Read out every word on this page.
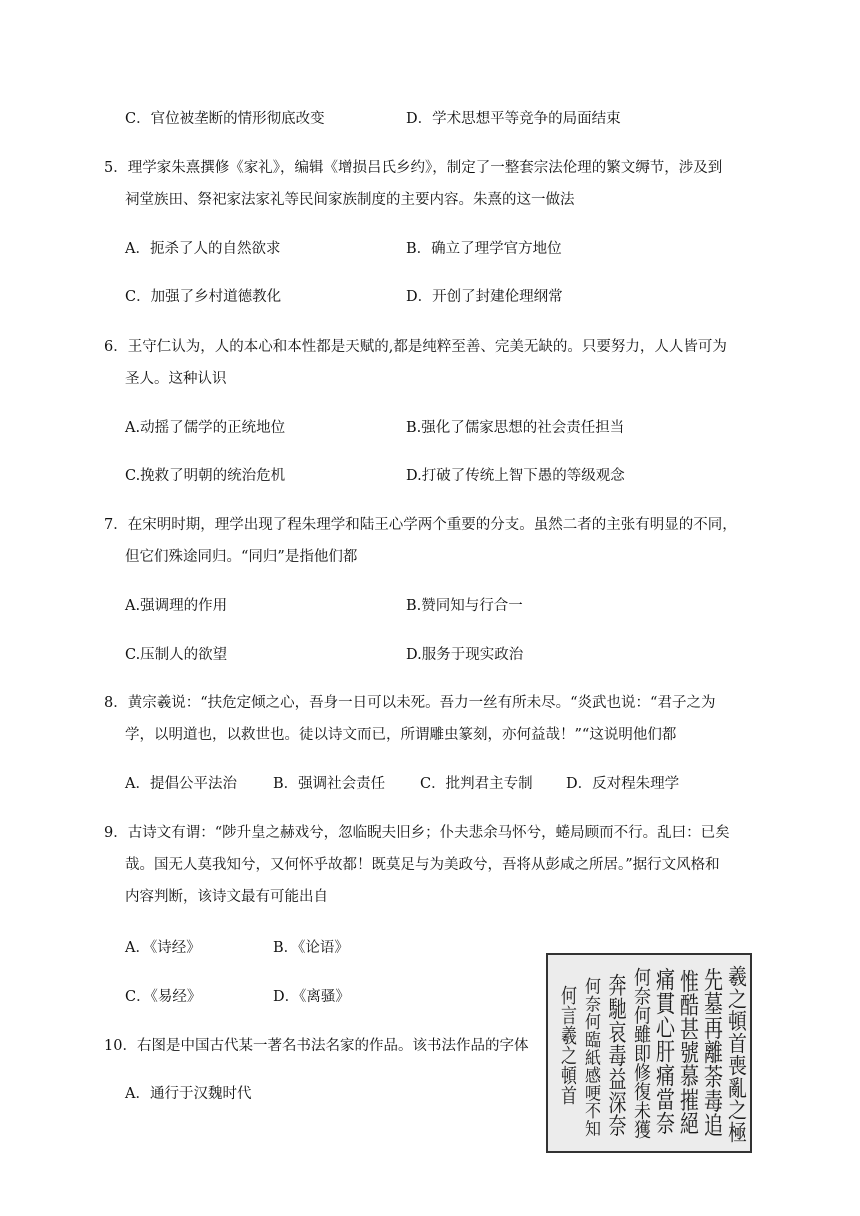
C．官位被垄断的情形彻底改变	D．学术思想平等竞争的局面结束
5．理学家朱熹撰修《家礼》，编辑《增损吕氏乡约》，制定了一整套宗法伦理的繁文缛节，涉及到
祠堂族田、祭祀家法家礼等民间家族制度的主要内容。朱熹的这一做法
A．扼杀了人的自然欲求	B．确立了理学官方地位
C．加强了乡村道德教化	D．开创了封建伦理纲常
6．王守仁认为，人的本心和本性都是天赋的,都是纯粹至善、完美无缺的。只要努力，人人皆可为
圣人。这种认识
A.动摇了儒学的正统地位	B.强化了儒家思想的社会责任担当
C.挽救了明朝的统治危机	D.打破了传统上智下愚的等级观念
7．在宋明时期，理学出现了程朱理学和陆王心学两个重要的分支。虽然二者的主张有明显的不同，
但它们殊途同归。“同归”是指他们都
A.强调理的作用	B.赞同知与行合一
C.压制人的欲望	D.服务于现实政治
8．黄宗羲说：“扶危定倾之心，吾身一日可以未死。吾力一丝有所未尽。“炎武也说：“君子之为
学，以明道也，以救世也。徒以诗文而已，所谓雕虫篆刻，亦何益哉！”“这说明他们都
A．提倡公平法治 B．强调社会责任 C．批判君主专制 D．反对程朱理学
9．古诗文有谓：“陟升皇之赫戏兮，忽临睨夫旧乡；仆夫悲余马怀兮，蜷局顾而不行。乱曰：已矣
哉。国无人莫我知兮，又何怀乎故都！既莫足与为美政兮，吾将从彭咸之所居。”据行文风格和
内容判断，该诗文最有可能出自
A．《诗经》	B．《论语》
C．《易经》	D．《离骚》
10．右图是中国古代某一著名书法名家的作品。该书法作品的字体
A．通行于汉魏时代	羲之頓首喪亂之極
先墓再離荼毒追
惟酷甚號慕摧絕
痛貫心肝痛當奈
何奈何雖即修復未獲
奔馳哀毒益深奈
何奈何臨紙感哽不知
何言羲之頓首
